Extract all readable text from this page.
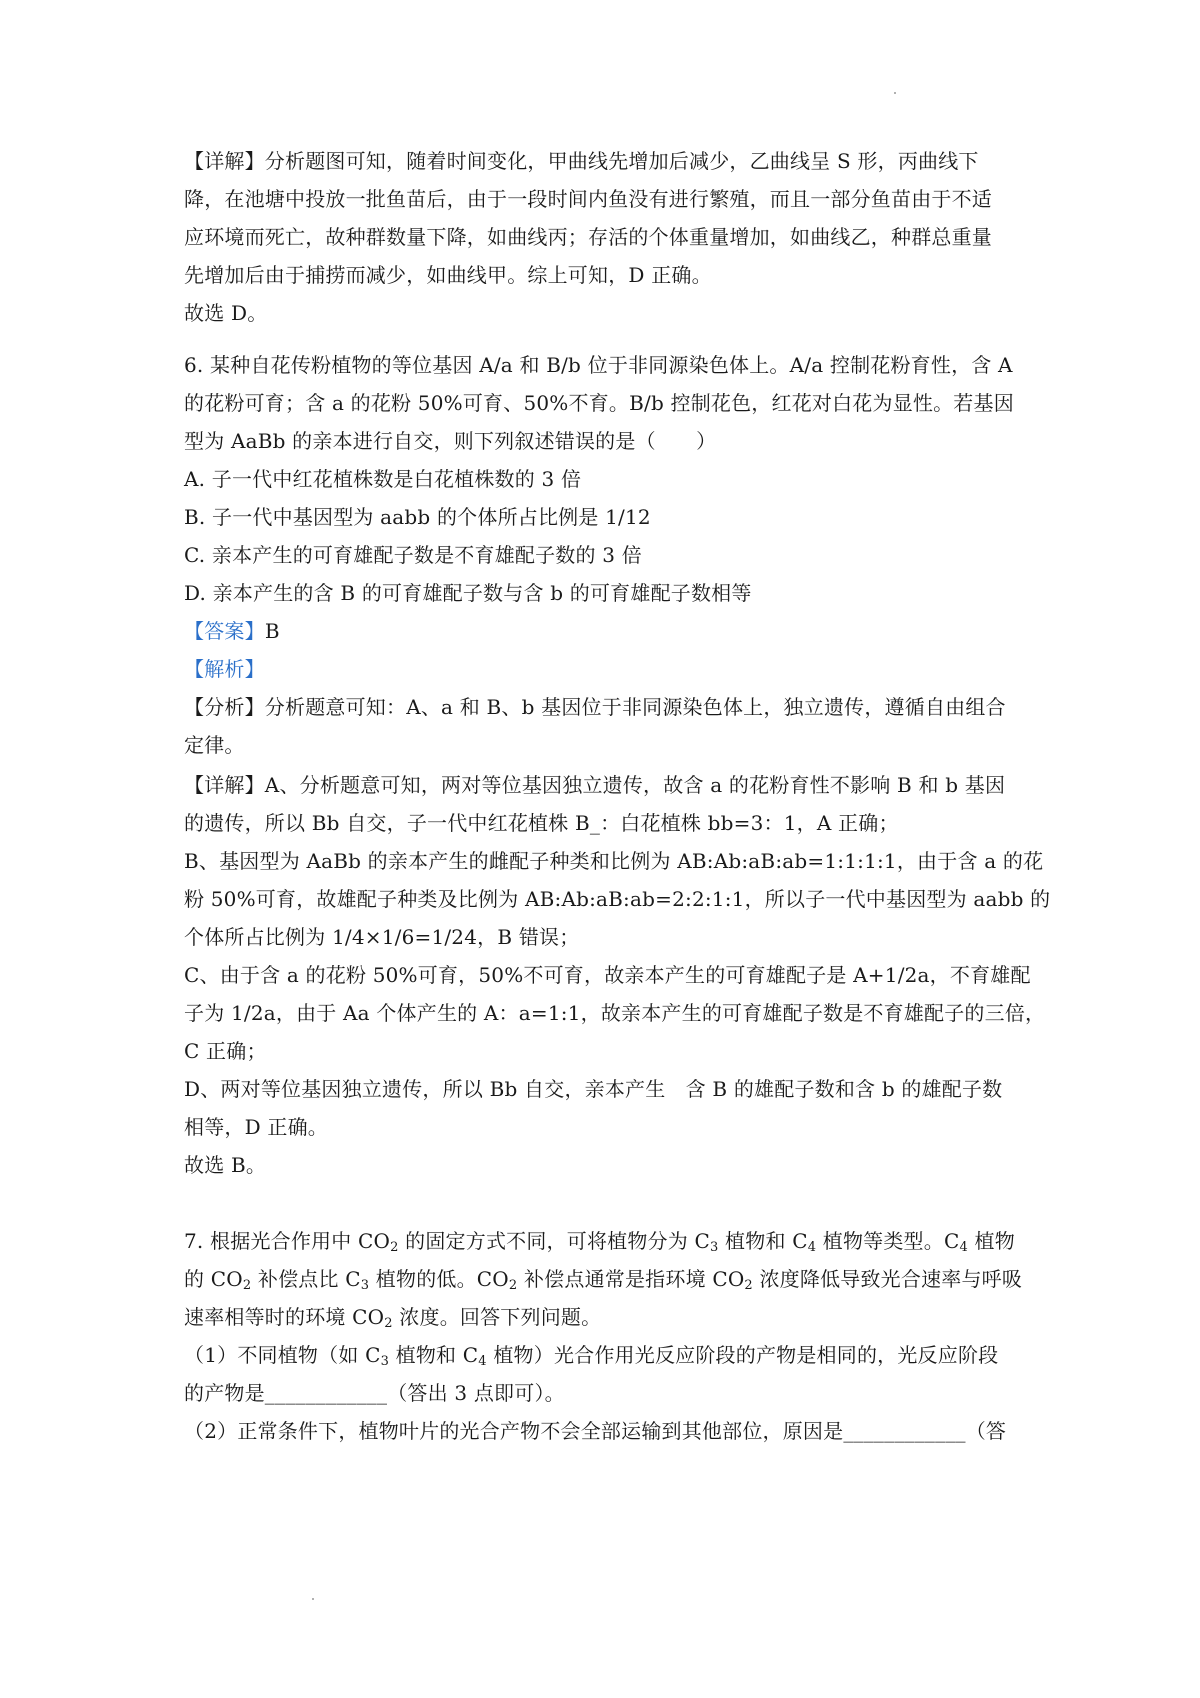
【详解】分析题图可知，随着时间变化，甲曲线先增加后减少，乙曲线呈 S 形，丙曲线下
降，在池塘中投放一批鱼苗后，由于一段时间内鱼没有进行繁殖，而且一部分鱼苗由于不适
应环境而死亡，故种群数量下降，如曲线丙；存活的个体重量增加，如曲线乙，种群总重量
先增加后由于捕捞而减少，如曲线甲。综上可知，D 正确。
故选 D。
6. 某种自花传粉植物的等位基因 A/a 和 B/b 位于非同源染色体上。A/a 控制花粉育性，含 A
的花粉可育；含 a 的花粉 50%可育、50%不育。B/b 控制花色，红花对白花为显性。若基因
型为 AaBb 的亲本进行自交，则下列叙述错误的是（　　）
A. 子一代中红花植株数是白花植株数的 3 倍
B. 子一代中基因型为 aabb 的个体所占比例是 1/12
C. 亲本产生的可育雄配子数是不育雄配子数的 3 倍
D. 亲本产生的含 B 的可育雄配子数与含 b 的可育雄配子数相等
【答案】B
【解析】
【分析】分析题意可知：A、a 和 B、b 基因位于非同源染色体上，独立遗传，遵循自由组合
定律。
【详解】A、分析题意可知，两对等位基因独立遗传，故含 a 的花粉育性不影响 B 和 b 基因
的遗传，所以 Bb 自交，子一代中红花植株 B_：白花植株 bb=3：1，A 正确；
B、基因型为 AaBb 的亲本产生的雌配子种类和比例为 AB:Ab:aB:ab=1:1:1:1，由于含 a 的花
粉 50%可育，故雄配子种类及比例为 AB:Ab:aB:ab=2:2:1:1，所以子一代中基因型为 aabb 的
个体所占比例为 1/4×1/6=1/24，B 错误；
C、由于含 a 的花粉 50%可育，50%不可育，故亲本产生的可育雄配子是 A+1/2a，不育雄配
子为 1/2a，由于 Aa 个体产生的 A：a=1:1，故亲本产生的可育雄配子数是不育雄配子的三倍，
C 正确；
D、两对等位基因独立遗传，所以 Bb 自交，亲本产生　含 B 的雄配子数和含 b 的雄配子数
相等，D 正确。
故选 B。
7. 根据光合作用中 $CO_2$ 的固定方式不同，可将植物分为 $C_3$ 植物和 $C_4$ 植物等类型。$C_4$ 植物
的 $CO_2$ 补偿点比 $C_3$ 植物的低。$CO_2$ 补偿点通常是指环境 $CO_2$ 浓度降低导致光合速率与呼吸
速率相等时的环境 $CO_2$ 浓度。回答下列问题。
（1）不同植物（如 $C_3$ 植物和 $C_4$ 植物）光合作用光反应阶段的产物是相同的，光反应阶段
的产物是____________（答出 3 点即可）。
（2）正常条件下，植物叶片的光合产物不会全部运输到其他部位，原因是____________（答
